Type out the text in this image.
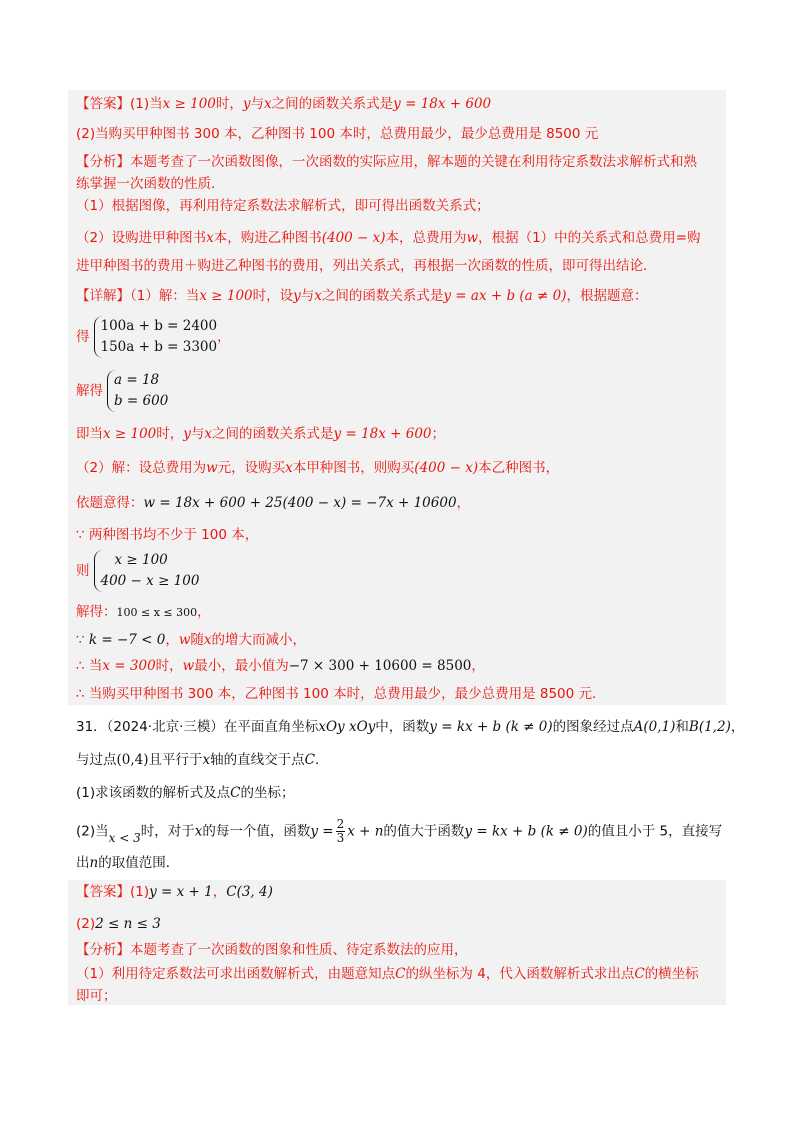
【答案】(1)当x ≥ 100时，y与x之间的函数关系式是y = 18x + 600
(2)当购买甲种图书 300 本，乙种图书 100 本时，总费用最少，最少总费用是 8500 元
【分析】本题考查了一次函数图像，一次函数的实际应用，解本题的关键在利用待定系数法求解析式和熟
练掌握一次函数的性质．
（1）根据图像，再利用待定系数法求解析式，即可得出函数关系式；
（2）设购进甲种图书x本，购进乙种图书(400 − x)本，总费用为w，根据（1）中的关系式和总费用=购
进甲种图书的费用＋购进乙种图书的费用，列出关系式，再根据一次函数的性质，即可得出结论．
【详解】（1）解：当x ≥ 100时，设y与x之间的函数关系式是y = ax + b (a ≠ 0)，根据题意：
得
100a + b = 2400
150a + b = 3300
，
解得
a = 18
b = 600
即当x ≥ 100时，y与x之间的函数关系式是y = 18x + 600；
（2）解：设总费用为w元，设购买x本甲种图书，则购买(400 − x)本乙种图书，
依题意得：w = 18x + 600 + 25(400 − x) = −7x + 10600，
∵ 两种图书均不少于 100 本，
则
x ≥ 100
400 − x ≥ 100
解得：100 ≤ x ≤ 300，
∵ k = −7 < 0，w随x的增大而减小，
∴ 当x = 300时，w最小，最小值为−7 × 300 + 10600 = 8500，
∴ 当购买甲种图书 300 本，乙种图书 100 本时，总费用最少，最少总费用是 8500 元．
31．（2024·北京·三模）在平面直角坐标xOy xOy中，函数y = kx + b (k ≠ 0)的图象经过点A(0,1)和B(1,2)，
与过点(0,4)且平行于x轴的直线交于点C．
(1)求该函数的解析式及点C的坐标；
(2)当x < 3时，对于x的每一个值，函数$y = \frac{2}{3}$ x + n的值大于函数y = kx + b (k ≠ 0)的值且小于 5，直接写
出n的取值范围．
【答案】(1)y = x + 1，C(3, 4)
(2)2 ≤ n ≤ 3
【分析】本题考查了一次函数的图象和性质、待定系数法的应用，
（1）利用待定系数法可求出函数解析式，由题意知点C的纵坐标为 4，代入函数解析式求出点C的横坐标
即可；
